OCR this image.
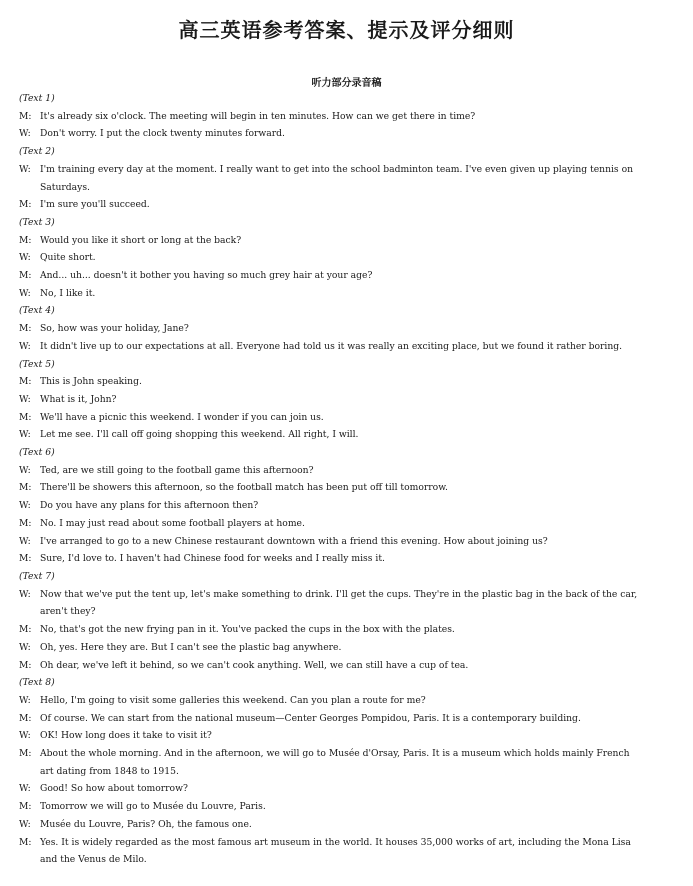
高三英语参考答案、提示及评分细则
听力部分录音稿
(Text 1)
M: It's already six o'clock. The meeting will begin in ten minutes. How can we get there in time?
W: Don't worry. I put the clock twenty minutes forward.
(Text 2)
W: I'm training every day at the moment. I really want to get into the school badminton team. I've even given up playing tennis on
Saturdays.
M: I'm sure you'll succeed.
(Text 3)
M: Would you like it short or long at the back?
W: Quite short.
M: And... uh... doesn't it bother you having so much grey hair at your age?
W: No, I like it.
(Text 4)
M: So, how was your holiday, Jane?
W: It didn't live up to our expectations at all. Everyone had told us it was really an exciting place, but we found it rather boring.
(Text 5)
M: This is John speaking.
W: What is it, John?
M: We'll have a picnic this weekend. I wonder if you can join us.
W: Let me see. I'll call off going shopping this weekend. All right, I will.
(Text 6)
W: Ted, are we still going to the football game this afternoon?
M: There'll be showers this afternoon, so the football match has been put off till tomorrow.
W: Do you have any plans for this afternoon then?
M: No. I may just read about some football players at home.
W: I've arranged to go to a new Chinese restaurant downtown with a friend this evening. How about joining us?
M: Sure, I'd love to. I haven't had Chinese food for weeks and I really miss it.
(Text 7)
W: Now that we've put the tent up, let's make something to drink. I'll get the cups. They're in the plastic bag in the back of the car,
aren't they?
M: No, that's got the new frying pan in it. You've packed the cups in the box with the plates.
W: Oh, yes. Here they are. But I can't see the plastic bag anywhere.
M: Oh dear, we've left it behind, so we can't cook anything. Well, we can still have a cup of tea.
(Text 8)
W: Hello, I'm going to visit some galleries this weekend. Can you plan a route for me?
M: Of course. We can start from the national museum—Center Georges Pompidou, Paris. It is a contemporary building.
W: OK! How long does it take to visit it?
M: About the whole morning. And in the afternoon, we will go to Musée d'Orsay, Paris. It is a museum which holds mainly French
art dating from 1848 to 1915.
W: Good! So how about tomorrow?
M: Tomorrow we will go to Musée du Louvre, Paris.
W: Musée du Louvre, Paris? Oh, the famous one.
M: Yes. It is widely regarded as the most famous art museum in the world. It houses 35,000 works of art, including the Mona Lisa
and the Venus de Milo.
